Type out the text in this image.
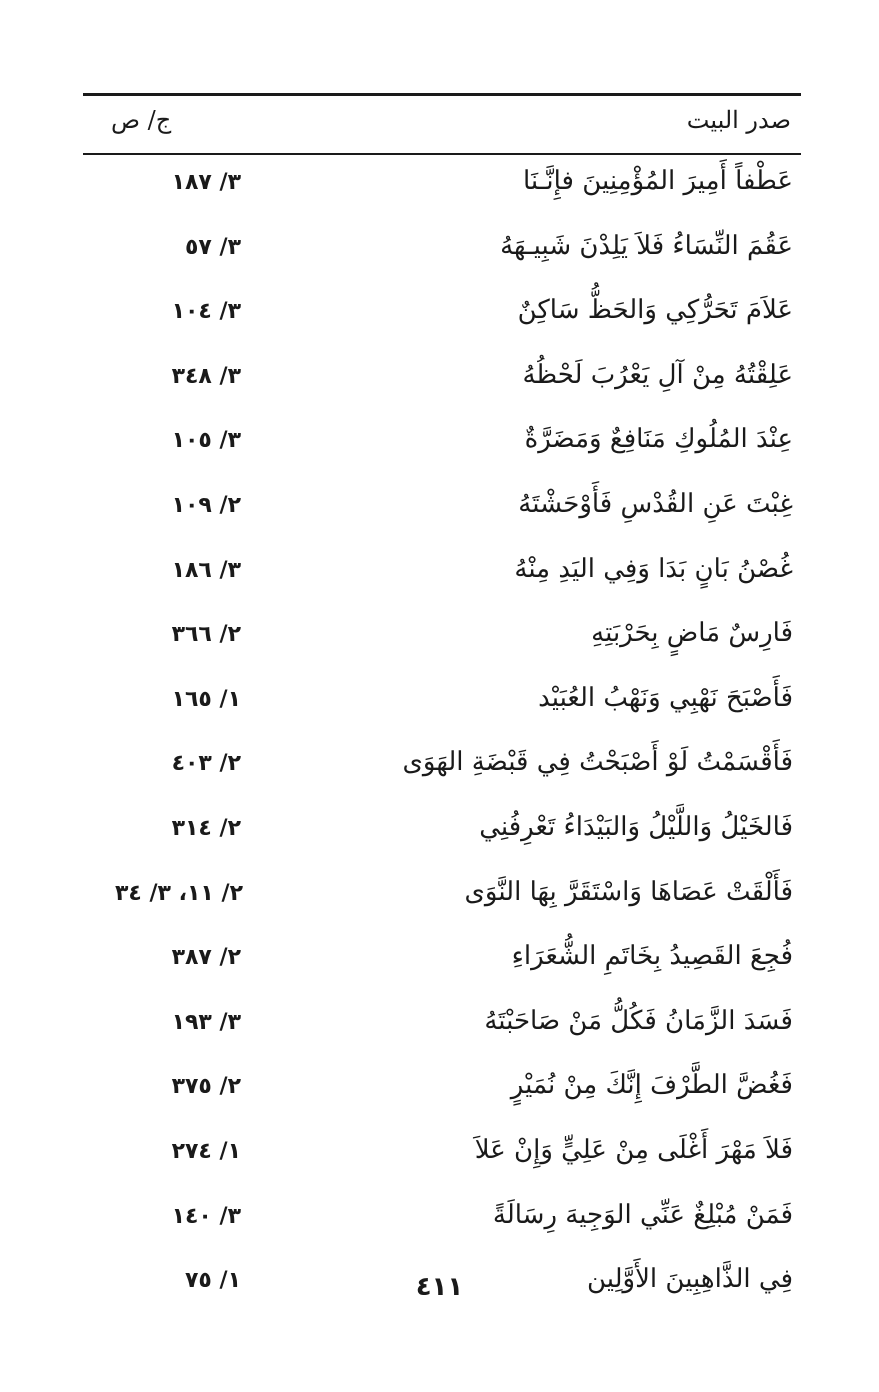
صدر البيت
ج/ ص
عَطْفاً أَمِيرَ المُؤْمِنِينَ فإِنَّـنَا
٣/ ١٨٧
عَقُمَ النِّسَاءُ فَلاَ يَلِدْنَ شَبِيـهَهُ
٣/ ٥٧
عَلاَمَ تَحَرُّكِي وَالحَظُّ سَاكِنٌ
٣/ ١٠٤
عَلِقْتُهُ مِنْ آلِ يَعْرُبَ لَحْظُهُ
٣/ ٣٤٨
عِنْدَ المُلُوكِ مَنَافِعٌ وَمَضَرَّةٌ
٣/ ١٠٥
غِبْتَ عَنِ القُدْسِ فَأَوْحَشْتَهُ
٢/ ١٠٩
غُصْنُ بَانٍ بَدَا وَفِي اليَدِ مِنْهُ
٣/ ١٨٦
فَارِسٌ مَاضٍ بِحَرْبَتِهِ
٢/ ٣٦٦
فَأَصْبَحَ نَهْبِي وَنَهْبُ العُبَيْد
١/ ١٦٥
فَأَقْسَمْتُ لَوْ أَصْبَحْتُ فِي قَبْضَةِ الهَوَى
٢/ ٤٠٣
فَالخَيْلُ وَاللَّيْلُ وَالبَيْدَاءُ تَعْرِفُنِي
٢/ ٣١٤
فَأَلْقَتْ عَصَاهَا وَاسْتَقَرَّ بِهَا النَّوَى
٢/ ١١، ٣/ ٣٤
فُجِعَ القَصِيدُ بِخَاتَمِ الشُّعَرَاءِ
٢/ ٣٨٧
فَسَدَ الزَّمَانُ فَكُلُّ مَنْ صَاحَبْتَهُ
٣/ ١٩٣
فَغُضَّ الطَّرْفَ إِنَّكَ مِنْ نُمَيْرٍ
٢/ ٣٧٥
فَلاَ مَهْرَ أَغْلَى مِنْ عَلِيٍّ وَإِنْ عَلاَ
١/ ٢٧٤
فَمَنْ مُبْلِغٌ عَنِّي الوَجِيهَ رِسَالَةً
٣/ ١٤٠
فِي الذَّاهِبِينَ الأَوَّلِين
١/ ٧٥	٤١١
